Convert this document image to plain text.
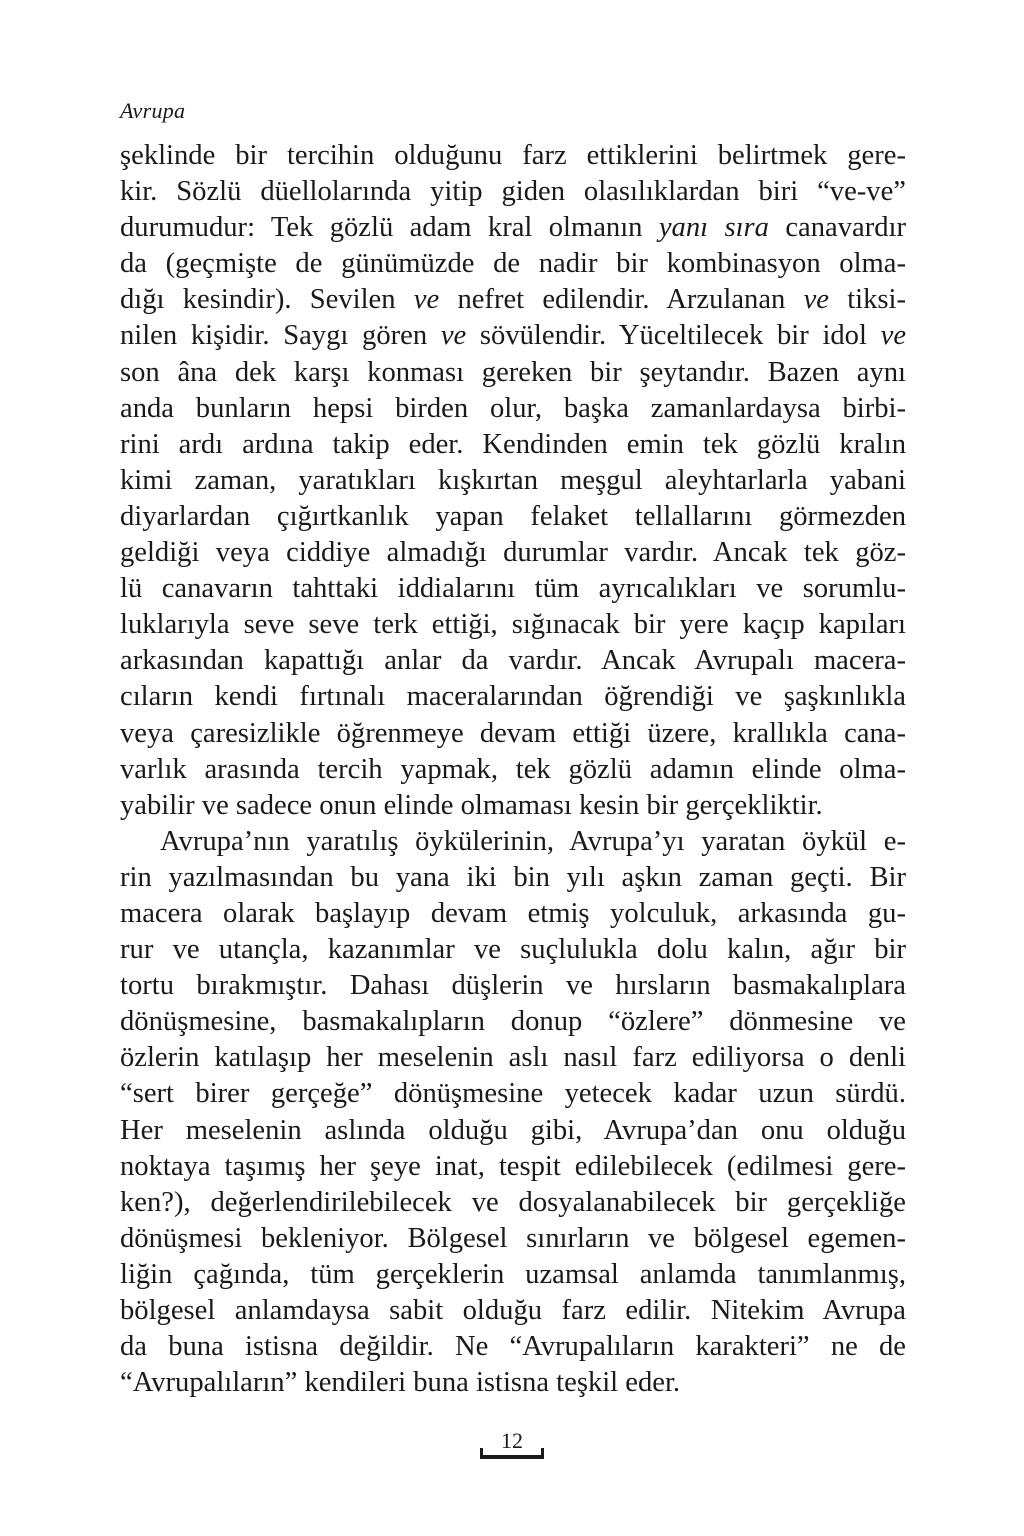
Avrupa
şeklinde bir tercihin olduğunu farz ettiklerini belirtmek gere-
kir. Sözlü düellolarında yitip giden olasılıklardan biri “ve-ve”
durumudur: Tek gözlü adam kral olmanın yanı sıra canavardır
da (geçmişte de günümüzde de nadir bir kombinasyon olma-
dığı kesindir). Sevilen ve nefret edilendir. Arzulanan ve tiksi-
nilen kişidir. Saygı gören ve sövülendir. Yüceltilecek bir idol ve
son âna dek karşı konması gereken bir şeytandır. Bazen aynı
anda bunların hepsi birden olur, başka zamanlardaysa birbi-
rini ardı ardına takip eder. Kendinden emin tek gözlü kralın
kimi zaman, yaratıkları kışkırtan meşgul aleyhtarlarla yabani
diyarlardan çığırtkanlık yapan felaket tellallarını görmezden
geldiği veya ciddiye almadığı durumlar vardır. Ancak tek göz-
lü canavarın tahttaki iddialarını tüm ayrıcalıkları ve sorumlu-
luklarıyla seve seve terk ettiği, sığınacak bir yere kaçıp kapıları
arkasından kapattığı anlar da vardır. Ancak Avrupalı macera-
cıların kendi fırtınalı maceralarından öğrendiği ve şaşkınlıkla
veya çaresizlikle öğrenmeye devam ettiği üzere, krallıkla cana-
varlık arasında tercih yapmak, tek gözlü adamın elinde olma-
yabilir ve sadece onun elinde olmaması kesin bir gerçekliktir.
Avrupa’nın yaratılış öykülerinin, Avrupa’yı yaratan öykül e-
rin yazılmasından bu yana iki bin yılı aşkın zaman geçti. Bir
macera olarak başlayıp devam etmiş yolculuk, arkasında gu-
rur ve utançla, kazanımlar ve suçlulukla dolu kalın, ağır bir
tortu bırakmıştır. Dahası düşlerin ve hırsların basmakalıplara
dönüşmesine, basmakalıpların donup “özlere” dönmesine ve
özlerin katılaşıp her meselenin aslı nasıl farz ediliyorsa o denli
“sert birer gerçeğe” dönüşmesine yetecek kadar uzun sürdü.
Her meselenin aslında olduğu gibi, Avrupa’dan onu olduğu
noktaya taşımış her şeye inat, tespit edilebilecek (edilmesi gere-
ken?), değerlendirilebilecek ve dosyalanabilecek bir gerçekliğe
dönüşmesi bekleniyor. Bölgesel sınırların ve bölgesel egemen-
liğin çağında, tüm gerçeklerin uzamsal anlamda tanımlanmış,
bölgesel anlamdaysa sabit olduğu farz edilir. Nitekim Avrupa
da buna istisna değildir. Ne “Avrupalıların karakteri” ne de
“Avrupalıların” kendileri buna istisna teşkil eder.
12
